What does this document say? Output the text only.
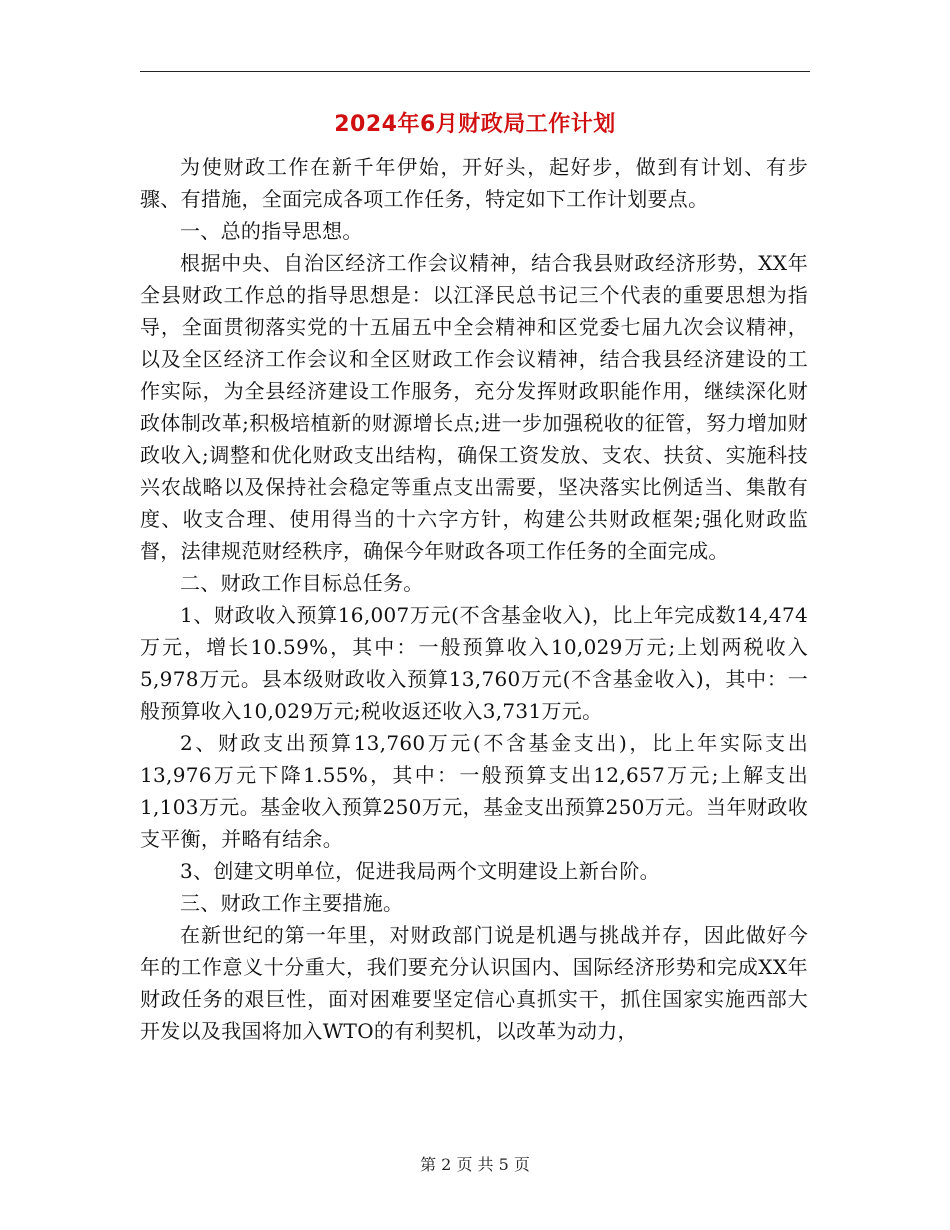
2024年6月财政局工作计划

为使财政工作在新千年伊始，开好头，起好步，做到有计划、有步骤、有措施，全面完成各项工作任务，特定如下工作计划要点。

一、总的指导思想。

根据中央、自治区经济工作会议精神，结合我县财政经济形势，XX年全县财政工作总的指导思想是：以江泽民总书记三个代表的重要思想为指导，全面贯彻落实党的十五届五中全会精神和区党委七届九次会议精神，以及全区经济工作会议和全区财政工作会议精神，结合我县经济建设的工作实际，为全县经济建设工作服务，充分发挥财政职能作用，继续深化财政体制改革;积极培植新的财源增长点;进一步加强税收的征管，努力增加财政收入;调整和优化财政支出结构，确保工资发放、支农、扶贫、实施科技兴农战略以及保持社会稳定等重点支出需要，坚决落实比例适当、集散有度、收支合理、使用得当的十六字方针，构建公共财政框架;强化财政监督，法律规范财经秩序，确保今年财政各项工作任务的全面完成。

二、财政工作目标总任务。

1、财政收入预算16,007万元(不含基金收入)，比上年完成数14,474万元，增长10.59%，其中：一般预算收入10,029万元;上划两税收入5,978万元。县本级财政收入预算13,760万元(不含基金收入)，其中：一般预算收入10,029万元;税收返还收入3,731万元。

2、财政支出预算13,760万元(不含基金支出)，比上年实际支出13,976万元下降1.55%，其中：一般预算支出12,657万元;上解支出1,103万元。基金收入预算250万元，基金支出预算250万元。当年财政收支平衡，并略有结余。

3、创建文明单位，促进我局两个文明建设上新台阶。

三、财政工作主要措施。

在新世纪的第一年里，对财政部门说是机遇与挑战并存，因此做好今年的工作意义十分重大，我们要充分认识国内、国际经济形势和完成XX年财政任务的艰巨性，面对困难要坚定信心真抓实干，抓住国家实施西部大开发以及我国将加入WTO的有利契机，以改革为动力，

第 2 页 共 5 页
